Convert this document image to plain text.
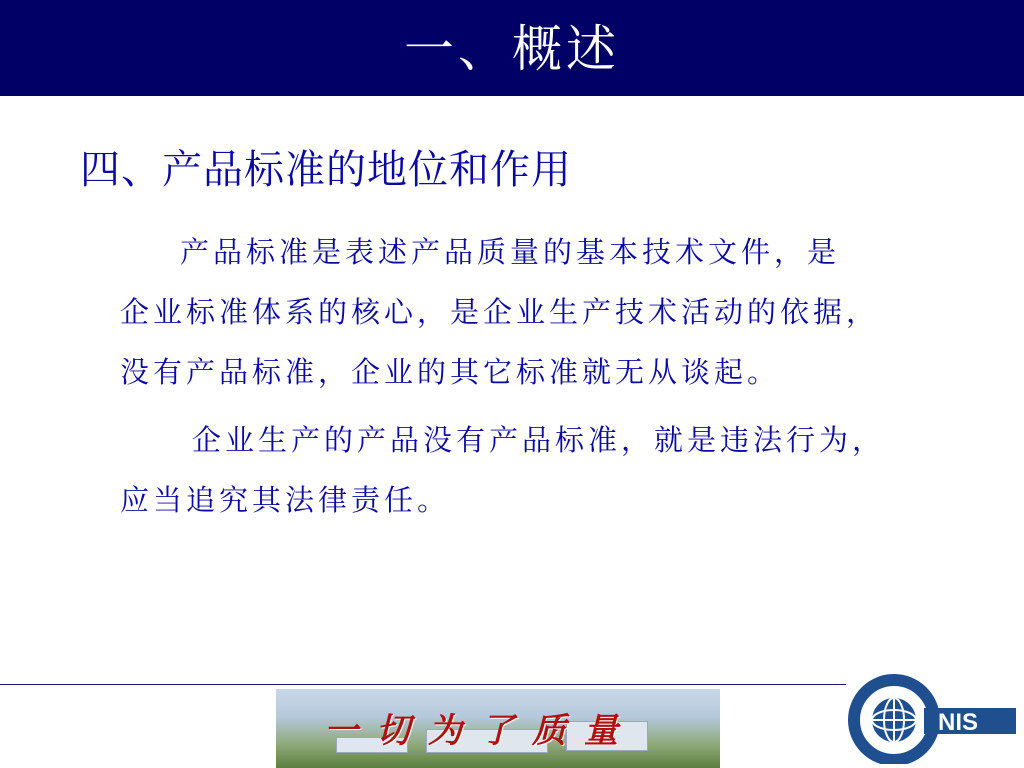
一、概述
四、产品标准的地位和作用
产品标准是表述产品质量的基本技术文件，是
企业标准体系的核心，是企业生产技术活动的依据，
没有产品标准，企业的其它标准就无从谈起。
企业生产的产品没有产品标准，就是违法行为，
应当追究其法律责任。
一切为了质量	NIS
